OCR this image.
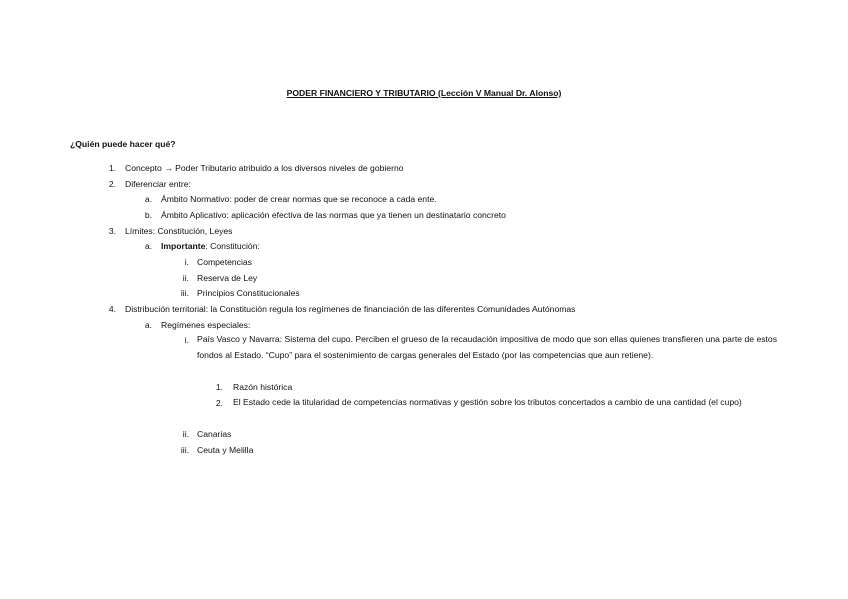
PODER FINANCIERO Y TRIBUTARIO (Lección V Manual Dr. Alonso)
¿Quién puede hacer qué?
1. Concepto → Poder Tributario atribuido a los diversos niveles de gobierno
2. Diferenciar entre:
a. Ámbito Normativo: poder de crear normas que se reconoce a cada ente.
b. Ámbito Aplicativo: aplicación efectiva de las normas que ya tienen un destinatario concreto
3. Límites: Constitución, Leyes
a. Importante: Constitución:
i. Competencias
ii. Reserva de Ley
iii. Principios Constitucionales
4. Distribución territorial: la Constitución regula los regímenes de financiación de las diferentes Comunidades Autónomas
a. Regímenes especiales:
i. País Vasco y Navarra: Sistema del cupo. Perciben el grueso de la recaudación impositiva de modo que son ellas quienes transfieren una parte de estos fondos al Estado. “Cupo” para el sostenimiento de cargas generales del Estado (por las competencias que aun retiene).
1. Razón histórica
2. El Estado cede la titularidad de competencias normativas y gestión sobre los tributos concertados a cambio de una cantidad (el cupo)
ii. Canarias
iii. Ceuta y Melilla
